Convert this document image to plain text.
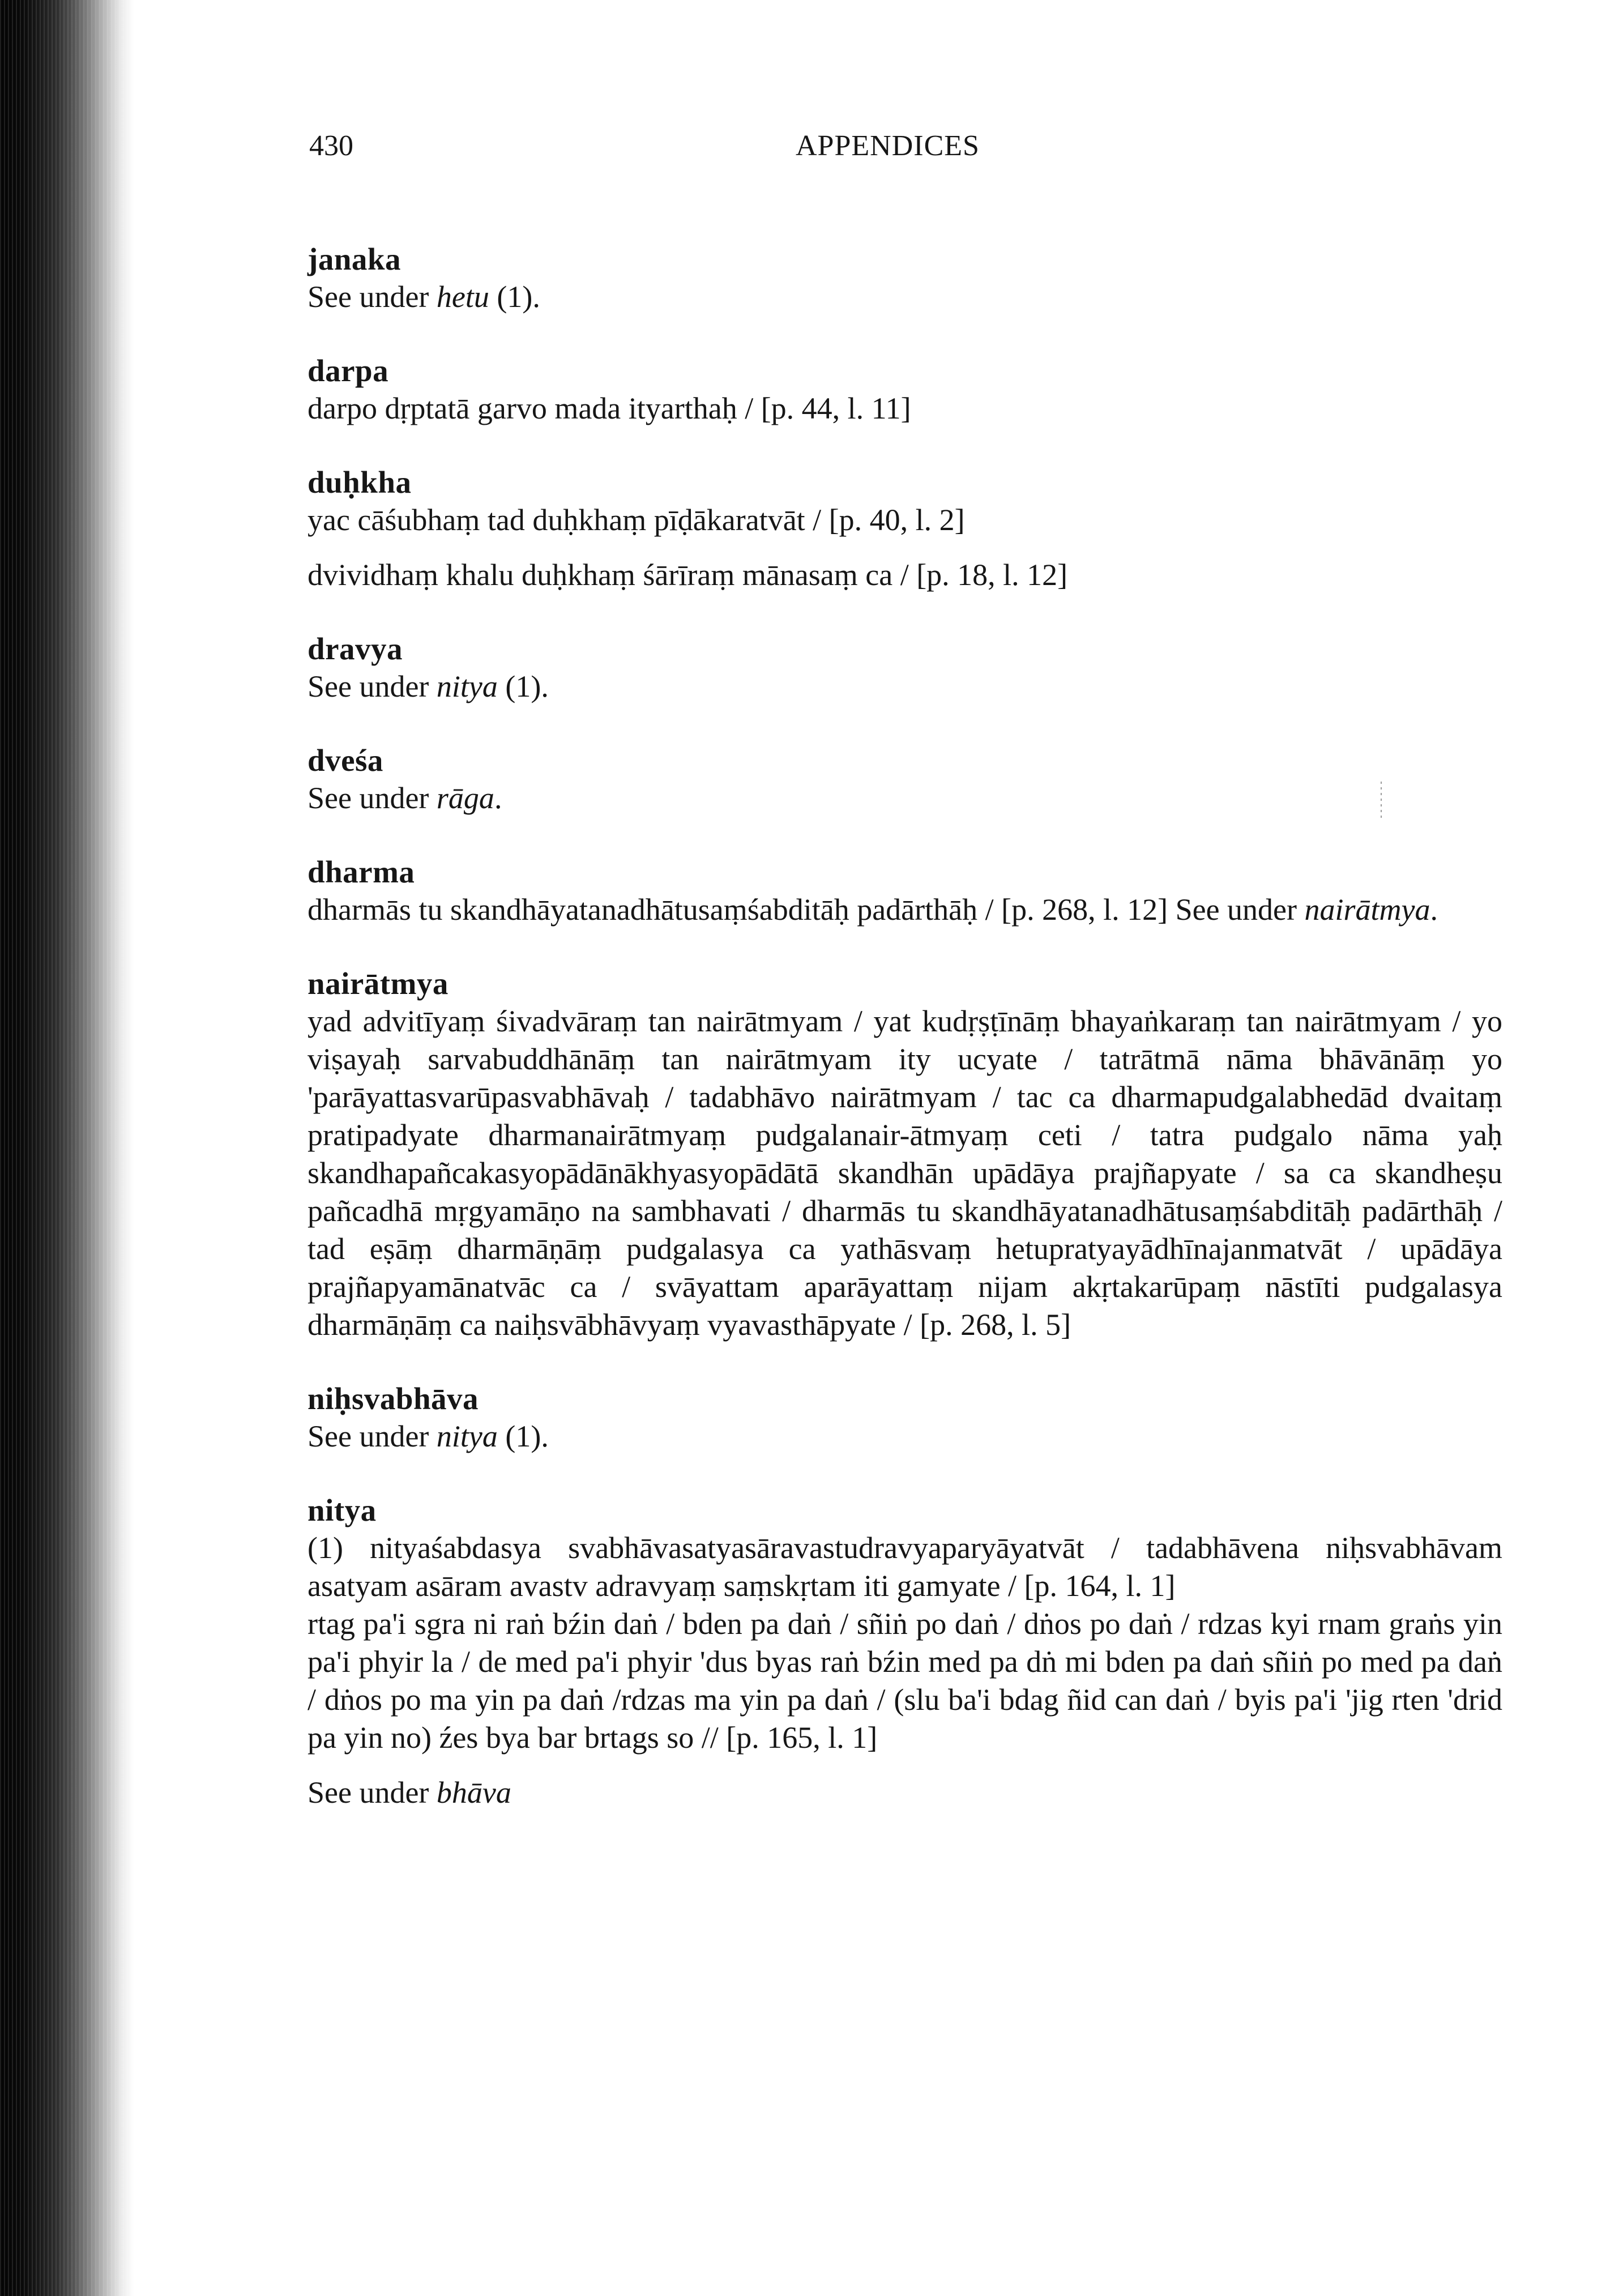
430	APPENDICES
janaka

See under hetu (1).

darpa

darpo dṛptatā garvo mada ityarthaḥ / [p. 44, l. 11]

duḥkha

yac cāśubhaṃ tad duḥkhaṃ pīḍākaratvāt / [p. 40, l. 2]

dvividhaṃ khalu duḥkhaṃ śārīraṃ mānasaṃ ca / [p. 18, l. 12]

dravya

See under nitya (1).

dveśa

See under rāga.

dharma

dharmās tu skandhāyatanadhātusaṃśabditāḥ padārthāḥ / [p. 268, l. 12] See under nairātmya.

nairātmya

yad advitīyaṃ śivadvāraṃ tan nairātmyam / yat kudṛṣṭīnāṃ bhayaṅkaraṃ tan nairātmyam / yo viṣayaḥ sarvabuddhānāṃ tan nairātmyam ity ucyate / tatrātmā nāma bhāvānāṃ yo 'parāyattasvarūpasvabhāvaḥ / tadabhāvo nairātmyam / tac ca dharmapudgalabhedād dvaitaṃ pratipadyate dharmanairātmyaṃ pudgalanair-ātmyaṃ ceti / tatra pudgalo nāma yaḥ skandhapañcakasyopādānākhyasyopādātā skandhān upādāya prajñapyate / sa ca skandheṣu pañcadhā mṛgyamāṇo na sambhavati / dharmās tu skandhāyatanadhātusaṃśabditāḥ padārthāḥ / tad eṣāṃ dharmāṇāṃ pudgalasya ca yathāsvaṃ hetupratyayādhīnajanmatvāt / upādāya prajñapyamānatvāc ca / svāyattam aparāyattaṃ nijam akṛtakarūpaṃ nāstīti pudgalasya dharmāṇāṃ ca naiḥsvābhāvyaṃ vyavasthāpyate / [p. 268, l. 5]

niḥsvabhāva

See under nitya (1).

nitya

(1) nityaśabdasya svabhāvasatyasāravastudravyaparyāyatvāt / tadabhāvena niḥsvabhāvam asatyam asāram avastv adravyaṃ saṃskṛtam iti gamyate / [p. 164, l. 1]

rtag pa'i sgra ni raṅ bźin daṅ / bden pa daṅ / sñiṅ po daṅ / dṅos po daṅ / rdzas kyi rnam graṅs yin pa'i phyir la / de med pa'i phyir 'dus byas raṅ bźin med pa dṅ mi bden pa daṅ sñiṅ po med pa daṅ / dṅos po ma yin pa daṅ /rdzas ma yin pa daṅ / (slu ba'i bdag ñid can daṅ / byis pa'i 'jig rten 'drid pa yin no) źes bya bar brtags so // [p. 165, l. 1]

See under bhāva
